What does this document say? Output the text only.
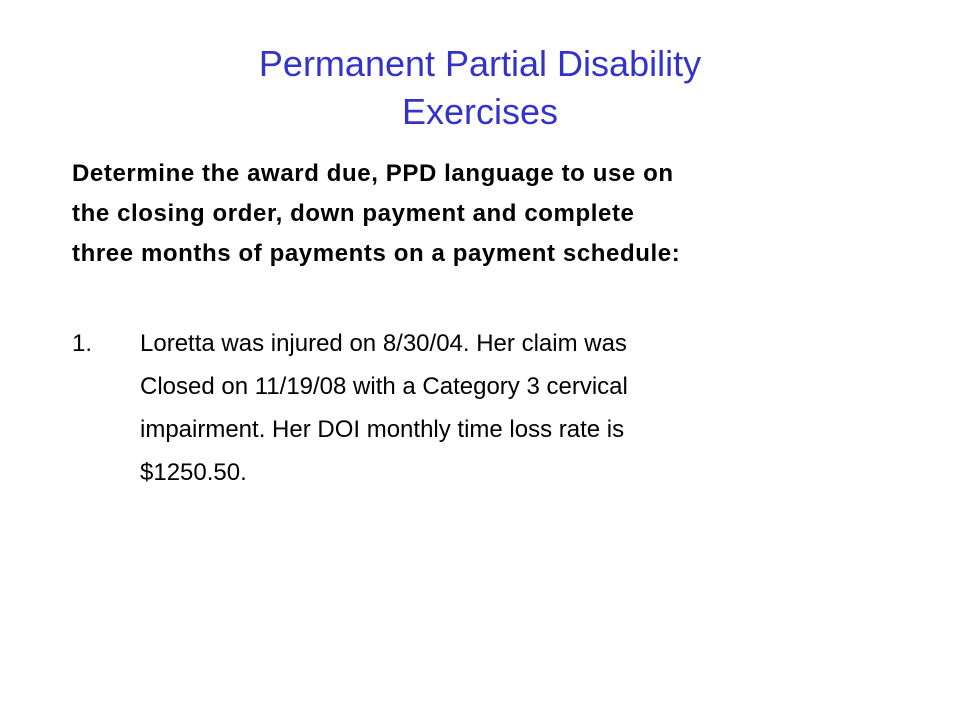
Permanent Partial Disability
Exercises
Determine the award due, PPD language to use on
the closing order, down payment and complete
three months of payments on a payment schedule:
1. Loretta was injured on 8/30/04. Her claim was
Closed on 11/19/08 with a Category 3 cervical
impairment. Her DOI monthly time loss rate is
$1250.50.
